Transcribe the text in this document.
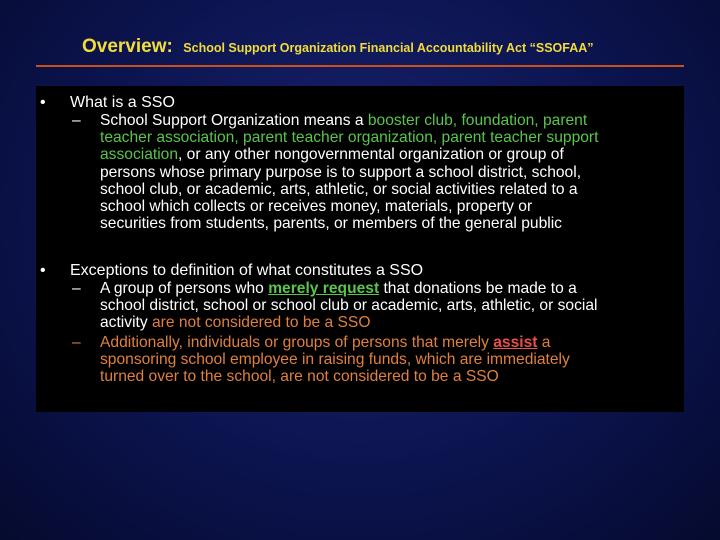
Overview: School Support Organization Financial Accountability Act “SSOFAA”
• What is a SSO
– School Support Organization means a booster club, foundation, parent
teacher association, parent teacher organization, parent teacher support
association, or any other nongovernmental organization or group of
persons whose primary purpose is to support a school district, school,
school club, or academic, arts, athletic, or social activities related to a
school which collects or receives money, materials, property or
securities from students, parents, or members of the general public
• Exceptions to definition of what constitutes a SSO
– A group of persons who merely request that donations be made to a
school district, school or school club or academic, arts, athletic, or social
activity are not considered to be a SSO
– Additionally, individuals or groups of persons that merely assist a
sponsoring school employee in raising funds, which are immediately
turned over to the school, are not considered to be a SSO
